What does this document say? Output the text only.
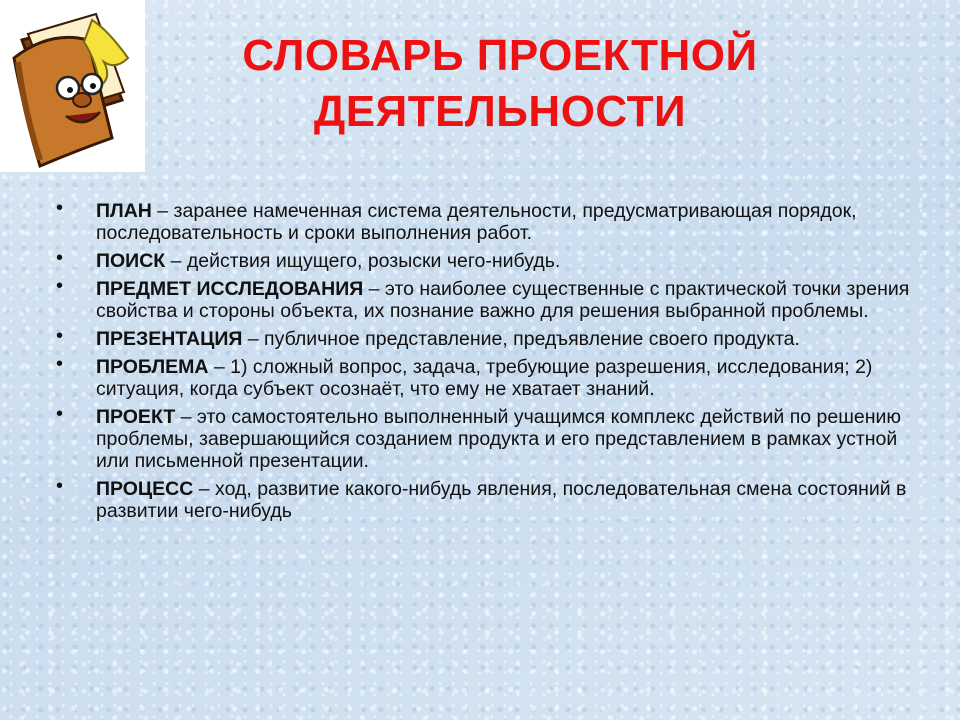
СЛОВАРЬ ПРОЕКТНОЙ
ДЕЯТЕЛЬНОСТИ
• ПЛАН – заранее намеченная система деятельности, предусматривающая порядок, последовательность и сроки выполнения работ.
• ПОИСК – действия ищущего, розыски чего-нибудь.
• ПРЕДМЕТ ИССЛЕДОВАНИЯ – это наиболее существенные с практической точки зрения свойства и стороны объекта, их познание важно для решения выбранной проблемы.
• ПРЕЗЕНТАЦИЯ – публичное представление, предъявление своего продукта.
• ПРОБЛЕМА – 1) сложный вопрос, задача, требующие разрешения, исследования; 2) ситуация, когда субъект осознаёт, что ему не хватает знаний.
• ПРОЕКТ – это самостоятельно выполненный учащимся комплекс действий по решению проблемы, завершающийся созданием продукта и его представлением в рамках устной или письменной презентации.
• ПРОЦЕСС – ход, развитие какого-нибудь явления, последовательная смена состояний в развитии чего-нибудь
